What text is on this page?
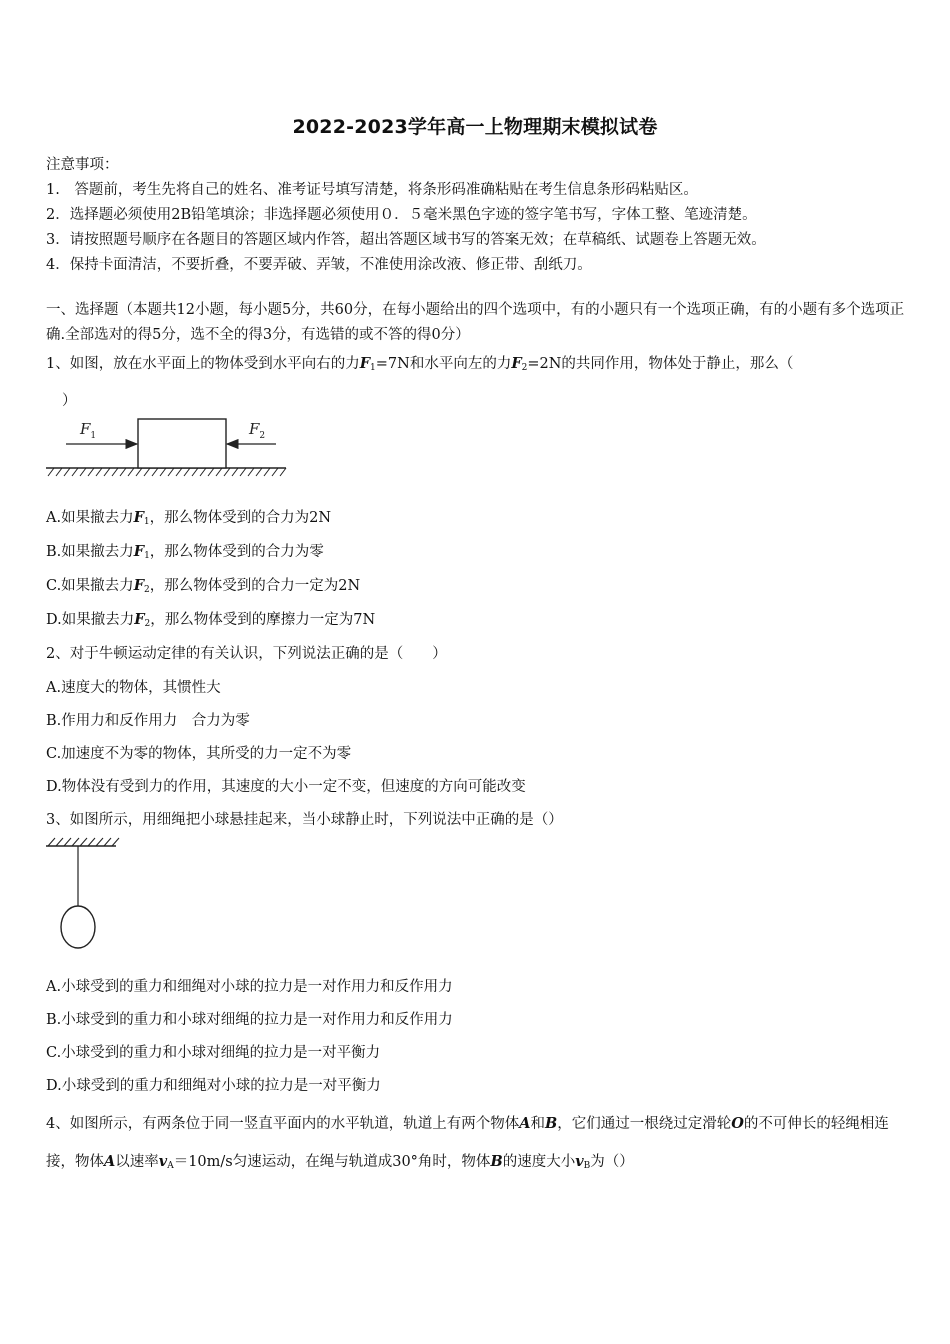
2022-2023学年高一上物理期末模拟试卷
注意事项：
1.　答题前，考生先将自己的姓名、准考证号填写清楚，将条形码准确粘贴在考生信息条形码粘贴区。
2．选择题必须使用2B铅笔填涂；非选择题必须使用０．５毫米黑色字迹的签字笔书写，字体工整、笔迹清楚。
3．请按照题号顺序在各题目的答题区域内作答，超出答题区域书写的答案无效；在草稿纸、试题卷上答题无效。
4．保持卡面清洁，不要折叠，不要弄破、弄皱，不准使用涂改液、修正带、刮纸刀。
一、选择题（本题共12小题，每小题5分，共60分，在每小题给出的四个选项中，有的小题只有一个选项正确，有的小题有多个选项正确.全部选对的得5分，选不全的得3分，有选错的或不答的得0分）
1、如图，放在水平面上的物体受到水平向右的力$F_1=7N$和水平向左的力$F_2=2N$的共同作用，物体处于静止，那么（
）
$F_1$	$F_2$
A.如果撤去力$F_1$，那么物体受到的合力为2N
B.如果撤去力$F_1$，那么物体受到的合力为零
C.如果撤去力$F_2$，那么物体受到的合力一定为2N
D.如果撤去力$F_2$，那么物体受到的摩擦力一定为7N
2、对于牛顿运动定律的有关认识，下列说法正确的是（　　）
A.速度大的物体，其惯性大
B.作用力和反作用力　合力为零
C.加速度不为零的物体，其所受的力一定不为零
D.物体没有受到力的作用，其速度的大小一定不变，但速度的方向可能改变
3、如图所示，用细绳把小球悬挂起来，当小球静止时，下列说法中正确的是（）
A.小球受到的重力和细绳对小球的拉力是一对作用力和反作用力
B.小球受到的重力和小球对细绳的拉力是一对作用力和反作用力
C.小球受到的重力和小球对细绳的拉力是一对平衡力
D.小球受到的重力和细绳对小球的拉力是一对平衡力
4、如图所示，有两条位于同一竖直平面内的水平轨道，轨道上有两个物体A和B，它们通过一根绕过定滑轮O的不可伸长的轻绳相连接，物体A以速率$v_A=10m/s$匀速运动，在绳与轨道成30°角时，物体B的速度大小$v_B$为（）
